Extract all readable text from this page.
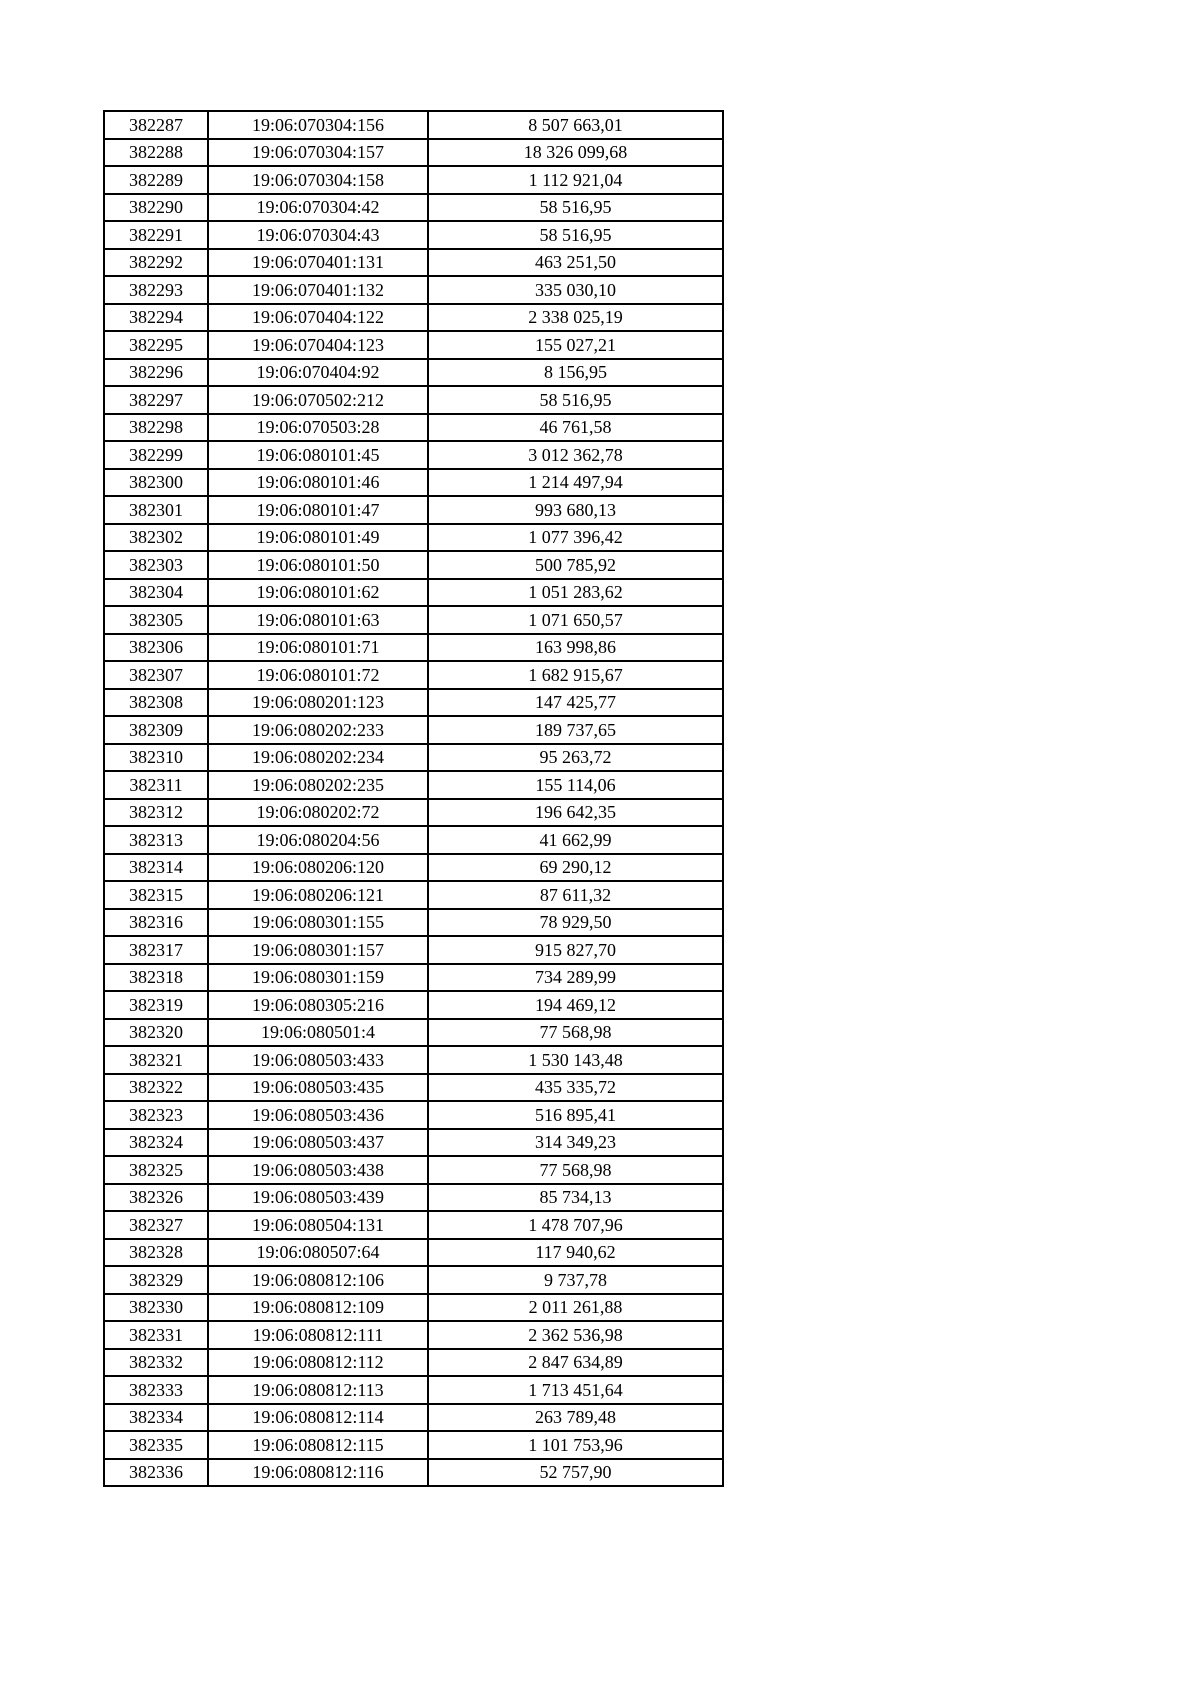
382287	19:06:070304:156	8 507 663,01
382288	19:06:070304:157	18 326 099,68
382289	19:06:070304:158	1 112 921,04
382290	19:06:070304:42	58 516,95
382291	19:06:070304:43	58 516,95
382292	19:06:070401:131	463 251,50
382293	19:06:070401:132	335 030,10
382294	19:06:070404:122	2 338 025,19
382295	19:06:070404:123	155 027,21
382296	19:06:070404:92	8 156,95
382297	19:06:070502:212	58 516,95
382298	19:06:070503:28	46 761,58
382299	19:06:080101:45	3 012 362,78
382300	19:06:080101:46	1 214 497,94
382301	19:06:080101:47	993 680,13
382302	19:06:080101:49	1 077 396,42
382303	19:06:080101:50	500 785,92
382304	19:06:080101:62	1 051 283,62
382305	19:06:080101:63	1 071 650,57
382306	19:06:080101:71	163 998,86
382307	19:06:080101:72	1 682 915,67
382308	19:06:080201:123	147 425,77
382309	19:06:080202:233	189 737,65
382310	19:06:080202:234	95 263,72
382311	19:06:080202:235	155 114,06
382312	19:06:080202:72	196 642,35
382313	19:06:080204:56	41 662,99
382314	19:06:080206:120	69 290,12
382315	19:06:080206:121	87 611,32
382316	19:06:080301:155	78 929,50
382317	19:06:080301:157	915 827,70
382318	19:06:080301:159	734 289,99
382319	19:06:080305:216	194 469,12
382320	19:06:080501:4	77 568,98
382321	19:06:080503:433	1 530 143,48
382322	19:06:080503:435	435 335,72
382323	19:06:080503:436	516 895,41
382324	19:06:080503:437	314 349,23
382325	19:06:080503:438	77 568,98
382326	19:06:080503:439	85 734,13
382327	19:06:080504:131	1 478 707,96
382328	19:06:080507:64	117 940,62
382329	19:06:080812:106	9 737,78
382330	19:06:080812:109	2 011 261,88
382331	19:06:080812:111	2 362 536,98
382332	19:06:080812:112	2 847 634,89
382333	19:06:080812:113	1 713 451,64
382334	19:06:080812:114	263 789,48
382335	19:06:080812:115	1 101 753,96
382336	19:06:080812:116	52 757,90
